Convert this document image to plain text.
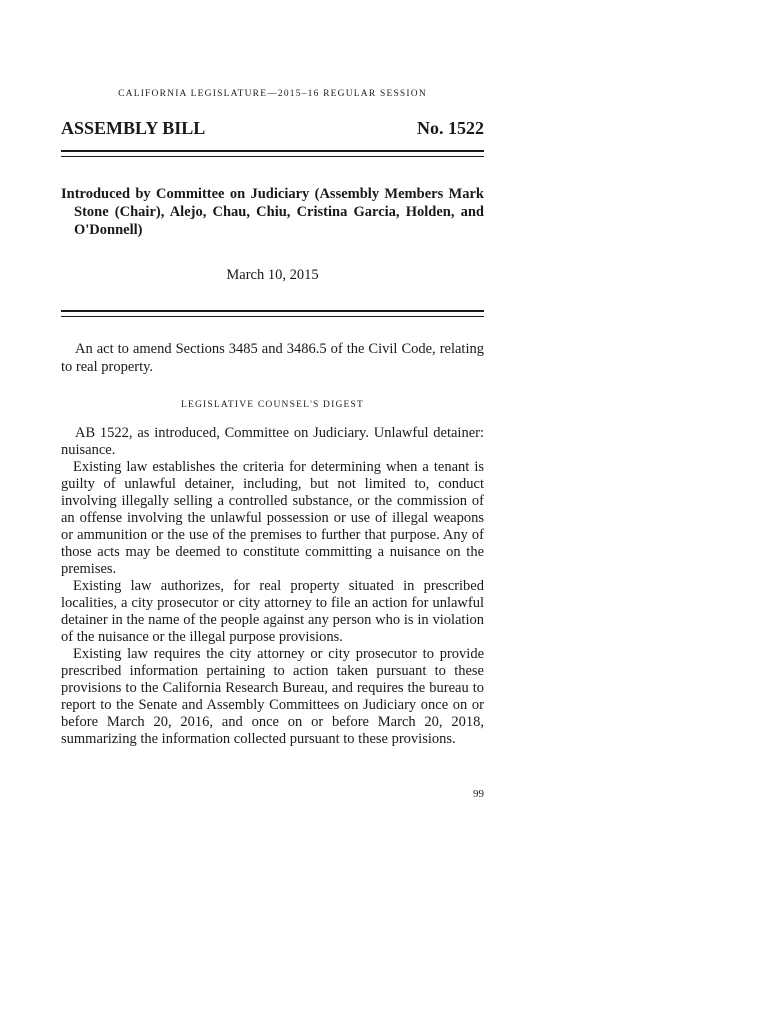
CALIFORNIA LEGISLATURE—2015–16 REGULAR SESSION
ASSEMBLY BILL	No. 1522
Introduced by Committee on Judiciary (Assembly Members Mark Stone (Chair), Alejo, Chau, Chiu, Cristina Garcia, Holden, and O'Donnell)
March 10, 2015
An act to amend Sections 3485 and 3486.5 of the Civil Code, relating to real property.
LEGISLATIVE COUNSEL'S DIGEST

AB 1522, as introduced, Committee on Judiciary. Unlawful detainer: nuisance.

Existing law establishes the criteria for determining when a tenant is guilty of unlawful detainer, including, but not limited to, conduct involving illegally selling a controlled substance, or the commission of an offense involving the unlawful possession or use of illegal weapons or ammunition or the use of the premises to further that purpose. Any of those acts may be deemed to constitute committing a nuisance on the premises.

Existing law authorizes, for real property situated in prescribed localities, a city prosecutor or city attorney to file an action for unlawful detainer in the name of the people against any person who is in violation of the nuisance or the illegal purpose provisions.

Existing law requires the city attorney or city prosecutor to provide prescribed information pertaining to action taken pursuant to these provisions to the California Research Bureau, and requires the bureau to report to the Senate and Assembly Committees on Judiciary once on or before March 20, 2016, and once on or before March 20, 2018, summarizing the information collected pursuant to these provisions.

99
